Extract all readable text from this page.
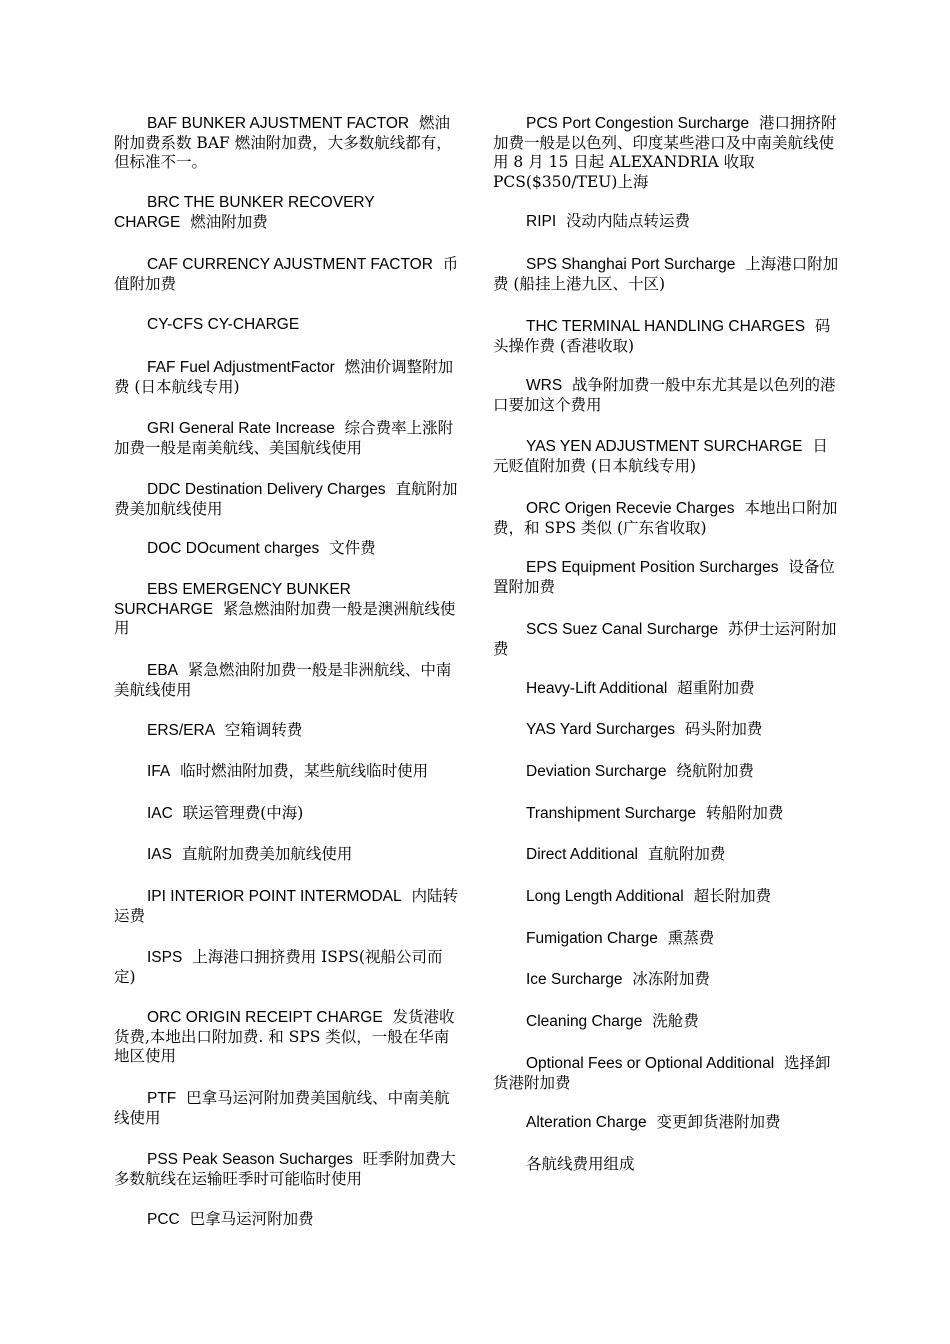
BAF BUNKER AJUSTMENT FACTOR 燃油附加费系数 BAF 燃油附加费，大多数航线都有，但标准不一。

BRC THE BUNKER RECOVERY CHARGE 燃油附加费

CAF CURRENCY AJUSTMENT FACTOR 币值附加费

CY-CFS CY-CHARGE

FAF Fuel AdjustmentFactor 燃油价调整附加费 (日本航线专用)

GRI General Rate Increase 综合费率上涨附加费一般是南美航线、美国航线使用

DDC Destination Delivery Charges 直航附加费美加航线使用

DOC DOcument charges 文件费

EBS EMERGENCY BUNKER SURCHARGE 紧急燃油附加费一般是澳洲航线使用

EBA 紧急燃油附加费一般是非洲航线、中南美航线使用

ERS/ERA 空箱调转费

IFA 临时燃油附加费，某些航线临时使用

IAC 联运管理费(中海)

IAS 直航附加费美加航线使用

IPI INTERIOR POINT INTERMODAL 内陆转运费

ISPS 上海港口拥挤费用 ISPS(视船公司而定)

ORC ORIGIN RECEIPT CHARGE 发货港收货费,本地出口附加费. 和 SPS 类似，一般在华南地区使用

PTF 巴拿马运河附加费美国航线、中南美航线使用

PSS Peak Season Sucharges 旺季附加费大多数航线在运输旺季时可能临时使用

PCC 巴拿马运河附加费

PCS Port Congestion Surcharge 港口拥挤附加费一般是以色列、印度某些港口及中南美航线使用 8 月 15 日起 ALEXANDRIA 收取 PCS($350/TEU)上海

RIPI 没动内陆点转运费

SPS Shanghai Port Surcharge 上海港口附加费 (船挂上港九区、十区)

THC TERMINAL HANDLING CHARGES 码头操作费 (香港收取)

WRS 战争附加费一般中东尤其是以色列的港口要加这个费用

YAS YEN ADJUSTMENT SURCHARGE 日元贬值附加费 (日本航线专用)

ORC Origen Recevie Charges 本地出口附加费，和 SPS 类似 (广东省收取)

EPS Equipment Position Surcharges 设备位置附加费

SCS Suez Canal Surcharge 苏伊士运河附加费

Heavy-Lift Additional 超重附加费

YAS Yard Surcharges 码头附加费

Deviation Surcharge 绕航附加费

Transhipment Surcharge 转船附加费

Direct Additional 直航附加费

Long Length Additional 超长附加费

Fumigation Charge 熏蒸费

Ice Surcharge 冰冻附加费

Cleaning Charge 洗舱费

Optional Fees or Optional Additional 选择卸货港附加费

Alteration Charge 变更卸货港附加费

各航线费用组成
